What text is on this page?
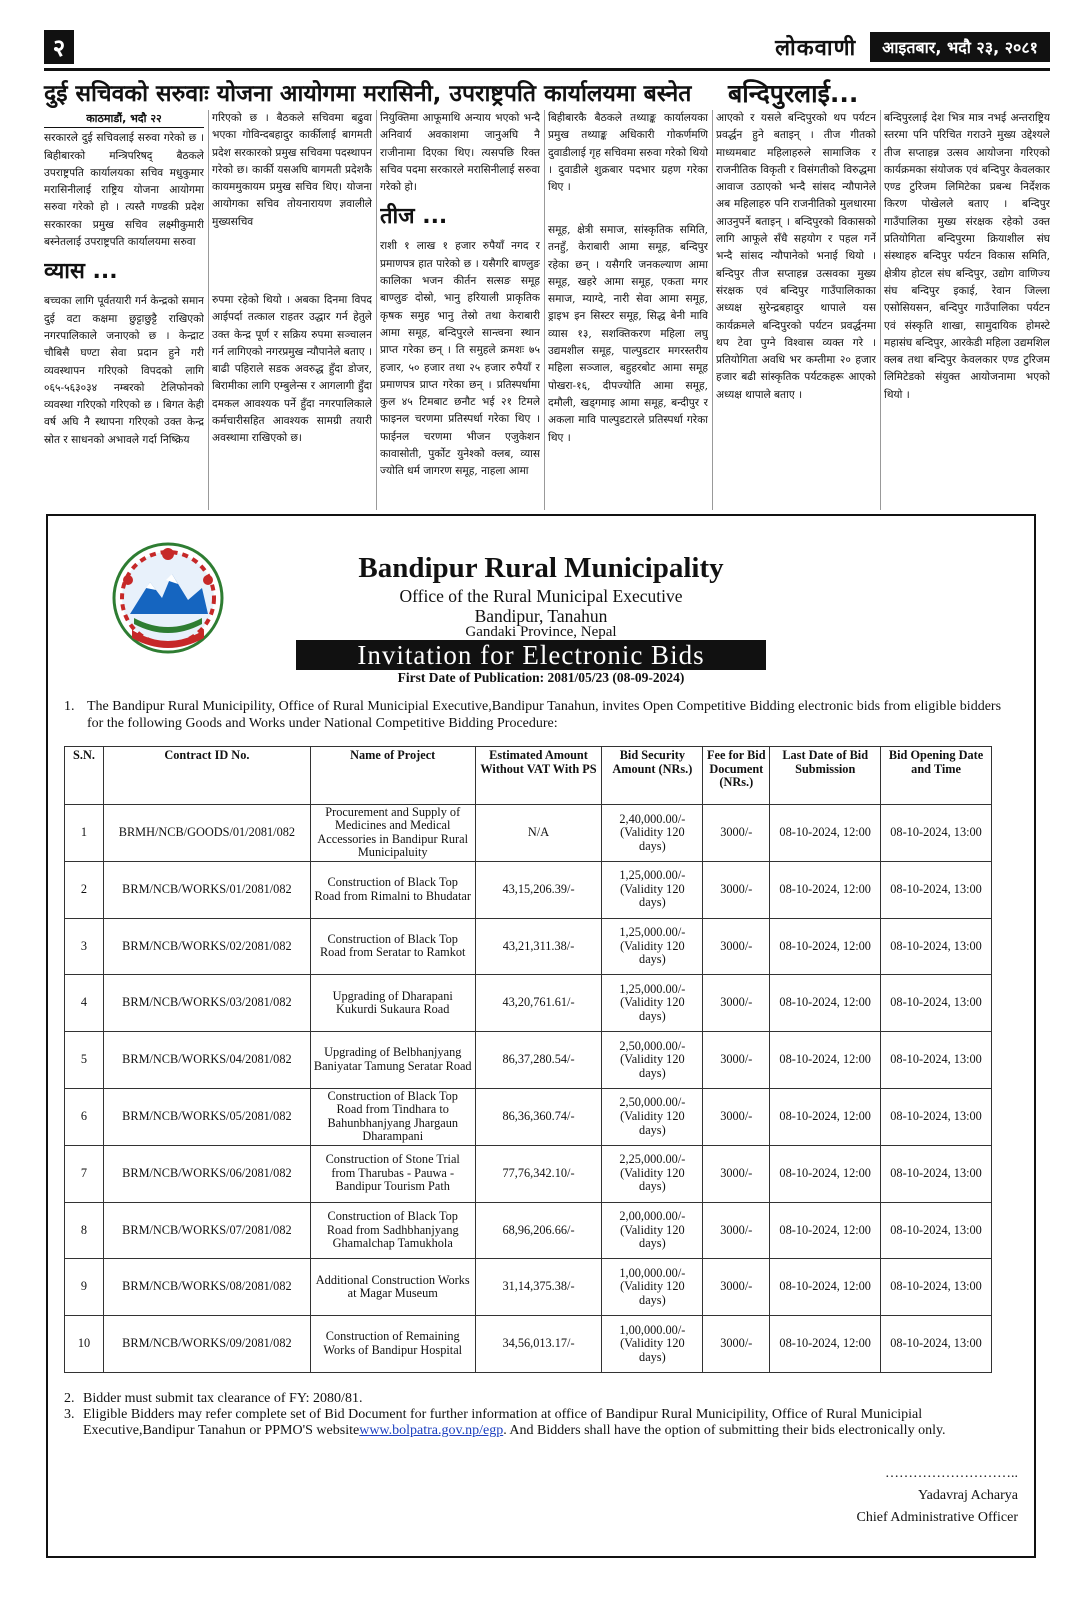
२	लोकवाणी	आइतबार, भदौ २३, २०८१
दुई सचिवको सरुवाः योजना आयोगमा मरासिनी, उपराष्ट्रपति कार्यालयमा बस्नेत बन्दिपुरलाई...
काठमाडौं, भदौ २२

सरकारले दुई सचिवलाई सरुवा गरेको छ । बिहीबारको मन्त्रिपरिषद् बैठकले उपराष्ट्रपति कार्यालयका सचिव मधुकुमार मरासिनीलाई राष्ट्रिय योजना आयोगमा सरुवा गरेको हो । त्यस्तै गण्डकी प्रदेश सरकारका प्रमुख सचिव लक्ष्मीकुमारी बस्नेतलाई उपराष्ट्रपति कार्यालयमा सरुवा

व्यास ...

बच्चका लागि पूर्वतयारी गर्न केन्द्रको समान दुई वटा कक्षमा छुट्टाछुट्टै राखिएको नगरपालिकाले जनाएको छ । केन्द्राट चौबिसै घण्टा सेवा प्रदान हुने गरी व्यवस्थापन गरिएको विपदको लागि ०६५-५६३०३४ नम्बरको टेलिफोनको व्यवस्था गरिएको गरिएको छ । बिगत केही वर्ष अघि नै स्थापना गरिएको उक्त केन्द्र स्रोत र साधनको अभावले गर्दा निष्क्रिय

गरिएको छ । बैठकले सचिवमा बढुवा भएका गोविन्दबहादुर कार्कीलाई बागमती प्रदेश सरकारको प्रमुख सचिवमा पदस्थापन गरेको छ। कार्की यसअघि बागमती प्रदेशकै कायममुकायम प्रमुख सचिव थिए। योजना आयोगका सचिव तोयनारायण ज्ञवालीले मुख्यसचिव

रुपमा रहेको थियो । अबका दिनमा विपद आईपर्दा तत्काल राहतर उद्धार गर्न हेतुले उक्त केन्द्र पूर्ण र सक्रिय रुपमा सञ्चालन गर्न लागिएको नगरप्रमुख न्यौपानेले बताए । बाढी पहिराले सडक अवरुद्ध हुँदा डोजर, बिरामीका लागि एम्बुलेन्स र आगलागी हुँदा दमकल आवश्यक पर्ने हुँदा नगरपालिकाले कर्मचारीसहित आवश्यक सामग्री तयारी अवस्थामा राखिएको छ।

नियुक्तिमा आफूमाथि अन्याय भएको भन्दै अनिवार्य अवकाशमा जानुअघि नै राजीनामा दिएका थिए। त्यसपछि रिक्त सचिव पदमा सरकारले मरासिनीलाई सरुवा गरेको हो।

तीज ...

राशी १ लाख १ हजार रुपैयाँ नगद र प्रमाणपत्र हात पारेको छ । यसैगरि बाण्लुङ कालिका भजन कीर्तन सत्सङ समूह बाण्लुङ दोस्रो, भानु हरियाली प्राकृतिक कृषक समुह भानु तेस्रो तथा केराबारी आमा समूह, बन्दिपुरले सान्त्वना स्थान प्राप्त गरेका छन् । ति समुहले क्रमशः ७५ हजार, ५० हजार तथा २५ हजार रुपैयाँ र प्रमाणपत्र प्राप्त गरेका छन् । प्रतिस्पर्धामा कुल ४५ टिमबाट छनौट भई २१ टिमले फाइनल चरणमा प्रतिस्पर्धा गरेका थिए । फाईनल चरणमा भीजन एजुकेशन कावासोती, पुर्कोट युनेश्कोे क्लब, व्यास ज्योति धर्म जागरण समूह, नाहला आमा

बिहीबारकै बैठकले तथ्याङ्क कार्यालयका प्रमुख तथ्याङ्क अधिकारी गोकर्णमणि दुवाडीलाई गृह सचिवमा सरुवा गरेको थियो । दुवाडीले शुक्रबार पदभार ग्रहण गरेका थिए ।

समूह, क्षेत्री समाज, सांस्कृतिक समिति, तनहुँ, केराबारी आमा समूह, बन्दिपुर रहेका छन् । यसैगरि जनकल्याण आमा समूह, खहरे आमा समूह, एकता मगर समाज, म्याग्दे, नारी सेवा आमा समूह, ड्राइभ इन सिस्टर समूह, सिद्ध बेनी मावि व्यास १३, सशक्तिकरण महिला लघु उद्यमशील समूह, पाल्पुडटार मगरस्तरीय महिला सञ्जाल, बहुहरबोट आमा समूह पोखरा-१६, दीपज्योति आमा समूह, दमौली, खड्गमाइ आमा समूह, बन्दीपुर र अकला मावि पाल्पुडटारले प्रतिस्पर्धा गरेका थिए ।

आएको र यसले बन्दिपुरको थप पर्यटन प्रवर्द्धन हुने बताइन् । तीज गीतको माध्यमबाट महिलाहरुले सामाजिक र राजनीतिक विकृती र विसंगतीको विरुद्धमा आवाज उठाएको भन्दै सांसद न्यौपानेले अब महिलाहरु पनि राजनीतिको मुलधारमा आउनुपर्ने बताइन् । बन्दिपुरको विकासको लागि आफूले सँधै सहयोग र पहल गर्ने भन्दै सांसद न्यौपानेको भनाई थियो । बन्दिपुर तीज सप्ताहन्न उत्सवका मुख्य संरक्षक एवं बन्दिपुर गाउँपालिकाका अध्यक्ष सुरेन्द्रबहादुर थापाले यस कार्यक्रमले बन्दिपुरको पर्यटन प्रवर्द्धनमा थप टेवा पुग्ने विश्वास व्यक्त गरे । प्रतियोगिता अवधि भर कम्तीमा २० हजार हजार बढी सांस्कृतिक पर्यटकहरू आएको अध्यक्ष थापाले बताए ।

बन्दिपुरलाई देश भित्र मात्र नभई अन्तराष्ट्रिय स्तरमा पनि परिचित गराउने मुख्य उद्देश्यले तीज सप्ताहन्न उत्सव आयोजना गरिएको कार्यक्रमका संयोजक एवं बन्दिपुर केवलकार एण्ड टुरिजम लिमिटेका प्रबन्ध निर्देशक किरण पोखेलले बताए । बन्दिपुर गाउँपालिका मुख्य संरक्षक रहेको उक्त प्रतियोगिता बन्दिपुरमा क्रियाशील संघ संस्थाहरु बन्दिपुर पर्यटन विकास समिति, क्षेत्रीय होटल संघ बन्दिपुर, उद्योग वाणिज्य संघ बन्दिपुर इकाई, रेवान जिल्ला एसोसियसन, बन्दिपुर गाउँपालिका पर्यटन एवं संस्कृति शाखा, सामुदायिक होमस्टे महासंघ बन्दिपुर, आरकेडी महिला उद्यमशिल क्लब तथा बन्दिपुर केवलकार एण्ड टुरिजम लिमिटेडको संयुक्त आयोजनामा भएको थियो ।

Bandipur Rural Municipality
Office of the Rural Municipal Executive
Bandipur, Tanahun
Gandaki Province, Nepal
Invitation for Electronic Bids
First Date of Publication: 2081/05/23 (08-09-2024)
1. The Bandipur Rural Municipility, Office of Rural Municipial Executive,Bandipur Tanahun, invites Open Competitive Bidding electronic bids from eligible bidders for the following Goods and Works under National Competitive Bidding Procedure:
S.N.	Contract ID No.	Name of Project	Estimated Amount Without VAT With PS	Bid Security Amount (NRs.)	Fee for Bid Document (NRs.)	Last Date of Bid Submission	Bid Opening Date and Time
1	BRMH/NCB/GOODS/01/2081/082	Procurement and Supply of Medicines and Medical Accessories in Bandipur Rural Municipaluity	N/A	2,40,000.00/- (Validity 120 days)	3000/-	08-10-2024, 12:00	08-10-2024, 13:00
2	BRM/NCB/WORKS/01/2081/082	Construction of Black Top Road from Rimalni to Bhudatar	43,15,206.39/-	1,25,000.00/- (Validity 120 days)	3000/-	08-10-2024, 12:00	08-10-2024, 13:00
3	BRM/NCB/WORKS/02/2081/082	Construction of Black Top Road from Seratar to Ramkot	43,21,311.38/-	1,25,000.00/- (Validity 120 days)	3000/-	08-10-2024, 12:00	08-10-2024, 13:00
4	BRM/NCB/WORKS/03/2081/082	Upgrading of Dharapani Kukurdi Sukaura Road	43,20,761.61/-	1,25,000.00/- (Validity 120 days)	3000/-	08-10-2024, 12:00	08-10-2024, 13:00
5	BRM/NCB/WORKS/04/2081/082	Upgrading of Belbhanjyang Baniyatar Tamung Seratar Road	86,37,280.54/-	2,50,000.00/- (Validity 120 days)	3000/-	08-10-2024, 12:00	08-10-2024, 13:00
6	BRM/NCB/WORKS/05/2081/082	Construction of Black Top Road from Tindhara to Bahunbhanjyang Jhargaun Dharampani	86,36,360.74/-	2,50,000.00/- (Validity 120 days)	3000/-	08-10-2024, 12:00	08-10-2024, 13:00
7	BRM/NCB/WORKS/06/2081/082	Construction of Stone Trial from Tharubas - Pauwa - Bandipur Tourism Path	77,76,342.10/-	2,25,000.00/- (Validity 120 days)	3000/-	08-10-2024, 12:00	08-10-2024, 13:00
8	BRM/NCB/WORKS/07/2081/082	Construction of Black Top Road from Sadhbhanjyang Ghamalchap Tamukhola	68,96,206.66/-	2,00,000.00/- (Validity 120 days)	3000/-	08-10-2024, 12:00	08-10-2024, 13:00
9	BRM/NCB/WORKS/08/2081/082	Additional Construction Works at Magar Museum	31,14,375.38/-	1,00,000.00/- (Validity 120 days)	3000/-	08-10-2024, 12:00	08-10-2024, 13:00
10	BRM/NCB/WORKS/09/2081/082	Construction of Remaining Works of Bandipur Hospital	34,56,013.17/-	1,00,000.00/- (Validity 120 days)	3000/-	08-10-2024, 12:00	08-10-2024, 13:00
2. Bidder must submit tax clearance of FY: 2080/81.
3. Eligible Bidders may refer complete set of Bid Document for further information at office of Bandipur Rural Municipility, Office of Rural Municipial Executive,Bandipur Tanahun or PPMO'S websitewww.bolpatra.gov.np/egp. And Bidders shall have the option of submitting their bids electronically only.
………………………..
Yadavraj Acharya
Chief Administrative Officer
